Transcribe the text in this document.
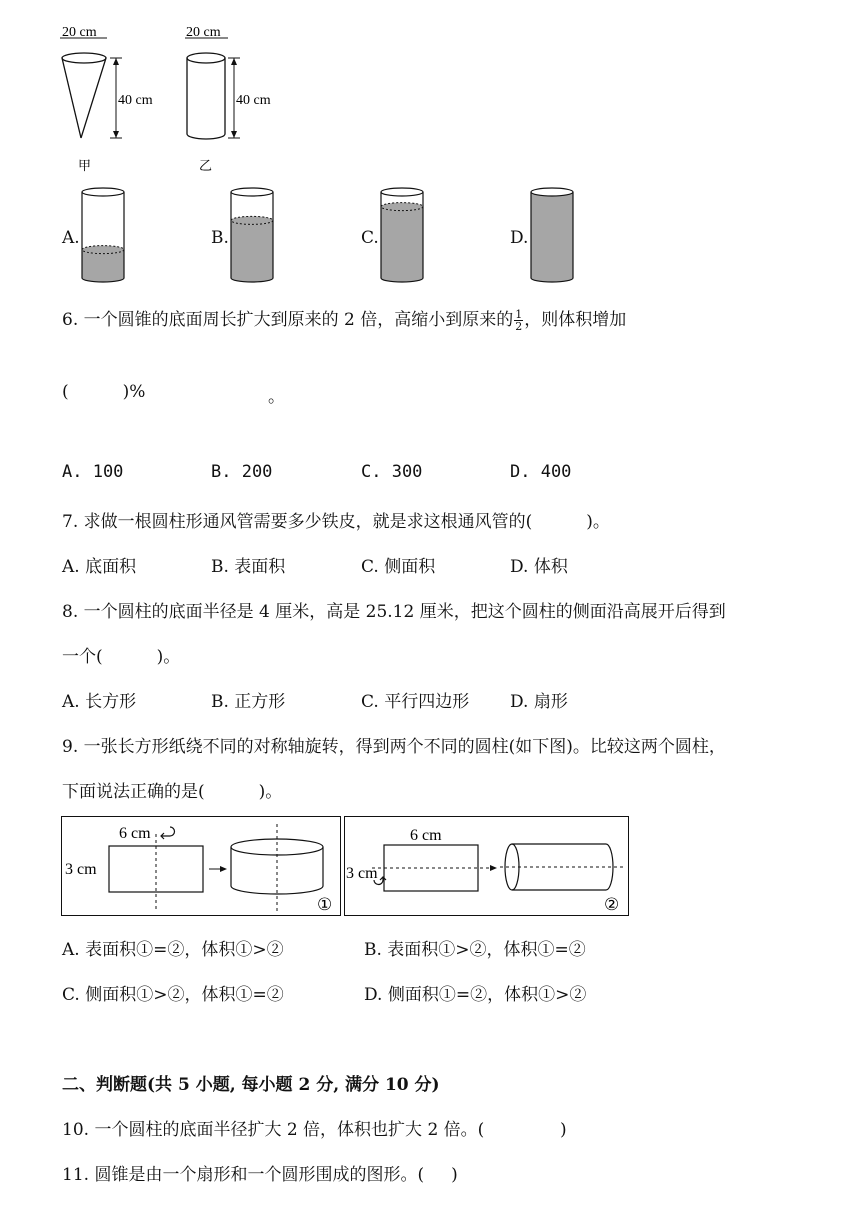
20 cm
40 cm
甲
20 cm
40 cm
乙
A.	B.	C.	D.
6. 一个圆锥的底面周长扩大到原来的 2 倍，高缩小到原来的 $\frac{1}{2}$ ，则体积增加
(          )%	。
A. 100	B. 200	C. 300	D. 400
7. 求做一根圆柱形通风管需要多少铁皮，就是求这根通风管的(          )。
A. 底面积	B. 表面积	C. 侧面积	D. 体积
8. 一个圆柱的底面半径是 4 厘米，高是 25.12 厘米，把这个圆柱的侧面沿高展开后得到
一个(          )。
A. 长方形	B. 正方形	C. 平行四边形 D. 扇形
9. 一张长方形纸绕不同的对称轴旋转，得到两个不同的圆柱(如下图)。比较这两个圆柱，
下面说法正确的是(          )。
6 cm
3 cm
①
6 cm
3 cm
②
A. 表面积①=②，体积①>②	B. 表面积①>②，体积①=②
C. 侧面积①>②，体积①=②	D. 侧面积①=②，体积①>②
二、判断题(共 5 小题, 每小题 2 分, 满分 10 分)
10. 一个圆柱的底面半径扩大 2 倍，体积也扩大 2 倍。(              )
11. 圆锥是由一个扇形和一个圆形围成的图形。(     )
